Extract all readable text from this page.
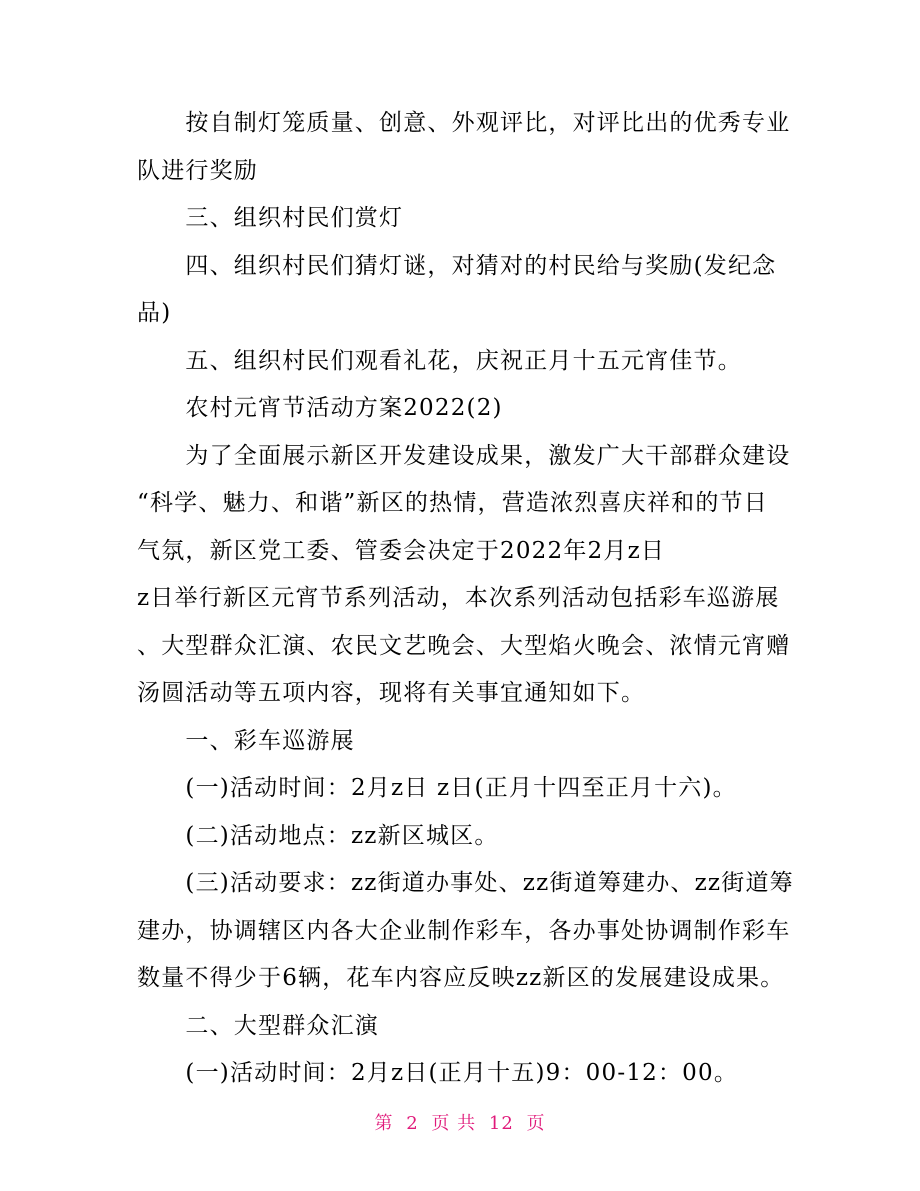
　　按自制灯笼质量、创意、外观评比，对评比出的优秀专业

队进行奖励

　　三、组织村民们赏灯

　　四、组织村民们猜灯谜，对猜对的村民给与奖励(发纪念

品)

　　五、组织村民们观看礼花，庆祝正月十五元宵佳节。

　　农村元宵节活动方案2022(2)

　　为了全面展示新区开发建设成果，激发广大干部群众建设

“科学、魅力、和谐”新区的热情，营造浓烈喜庆祥和的节日

气氛，新区党工委、管委会决定于2022年2月z日

z日举行新区元宵节系列活动，本次系列活动包括彩车巡游展

、大型群众汇演、农民文艺晚会、大型焰火晚会、浓情元宵赠

汤圆活动等五项内容，现将有关事宜通知如下。

　　一、彩车巡游展

　　(一)活动时间：2月z日 z日(正月十四至正月十六)。

　　(二)活动地点：zz新区城区。

　　(三)活动要求：zz街道办事处、zz街道筹建办、zz街道筹

建办，协调辖区内各大企业制作彩车，各办事处协调制作彩车

数量不得少于6辆，花车内容应反映zz新区的发展建设成果。

　　二、大型群众汇演

　　(一)活动时间：2月z日(正月十五)9：00-12：00。

第 2 页 共 12 页
